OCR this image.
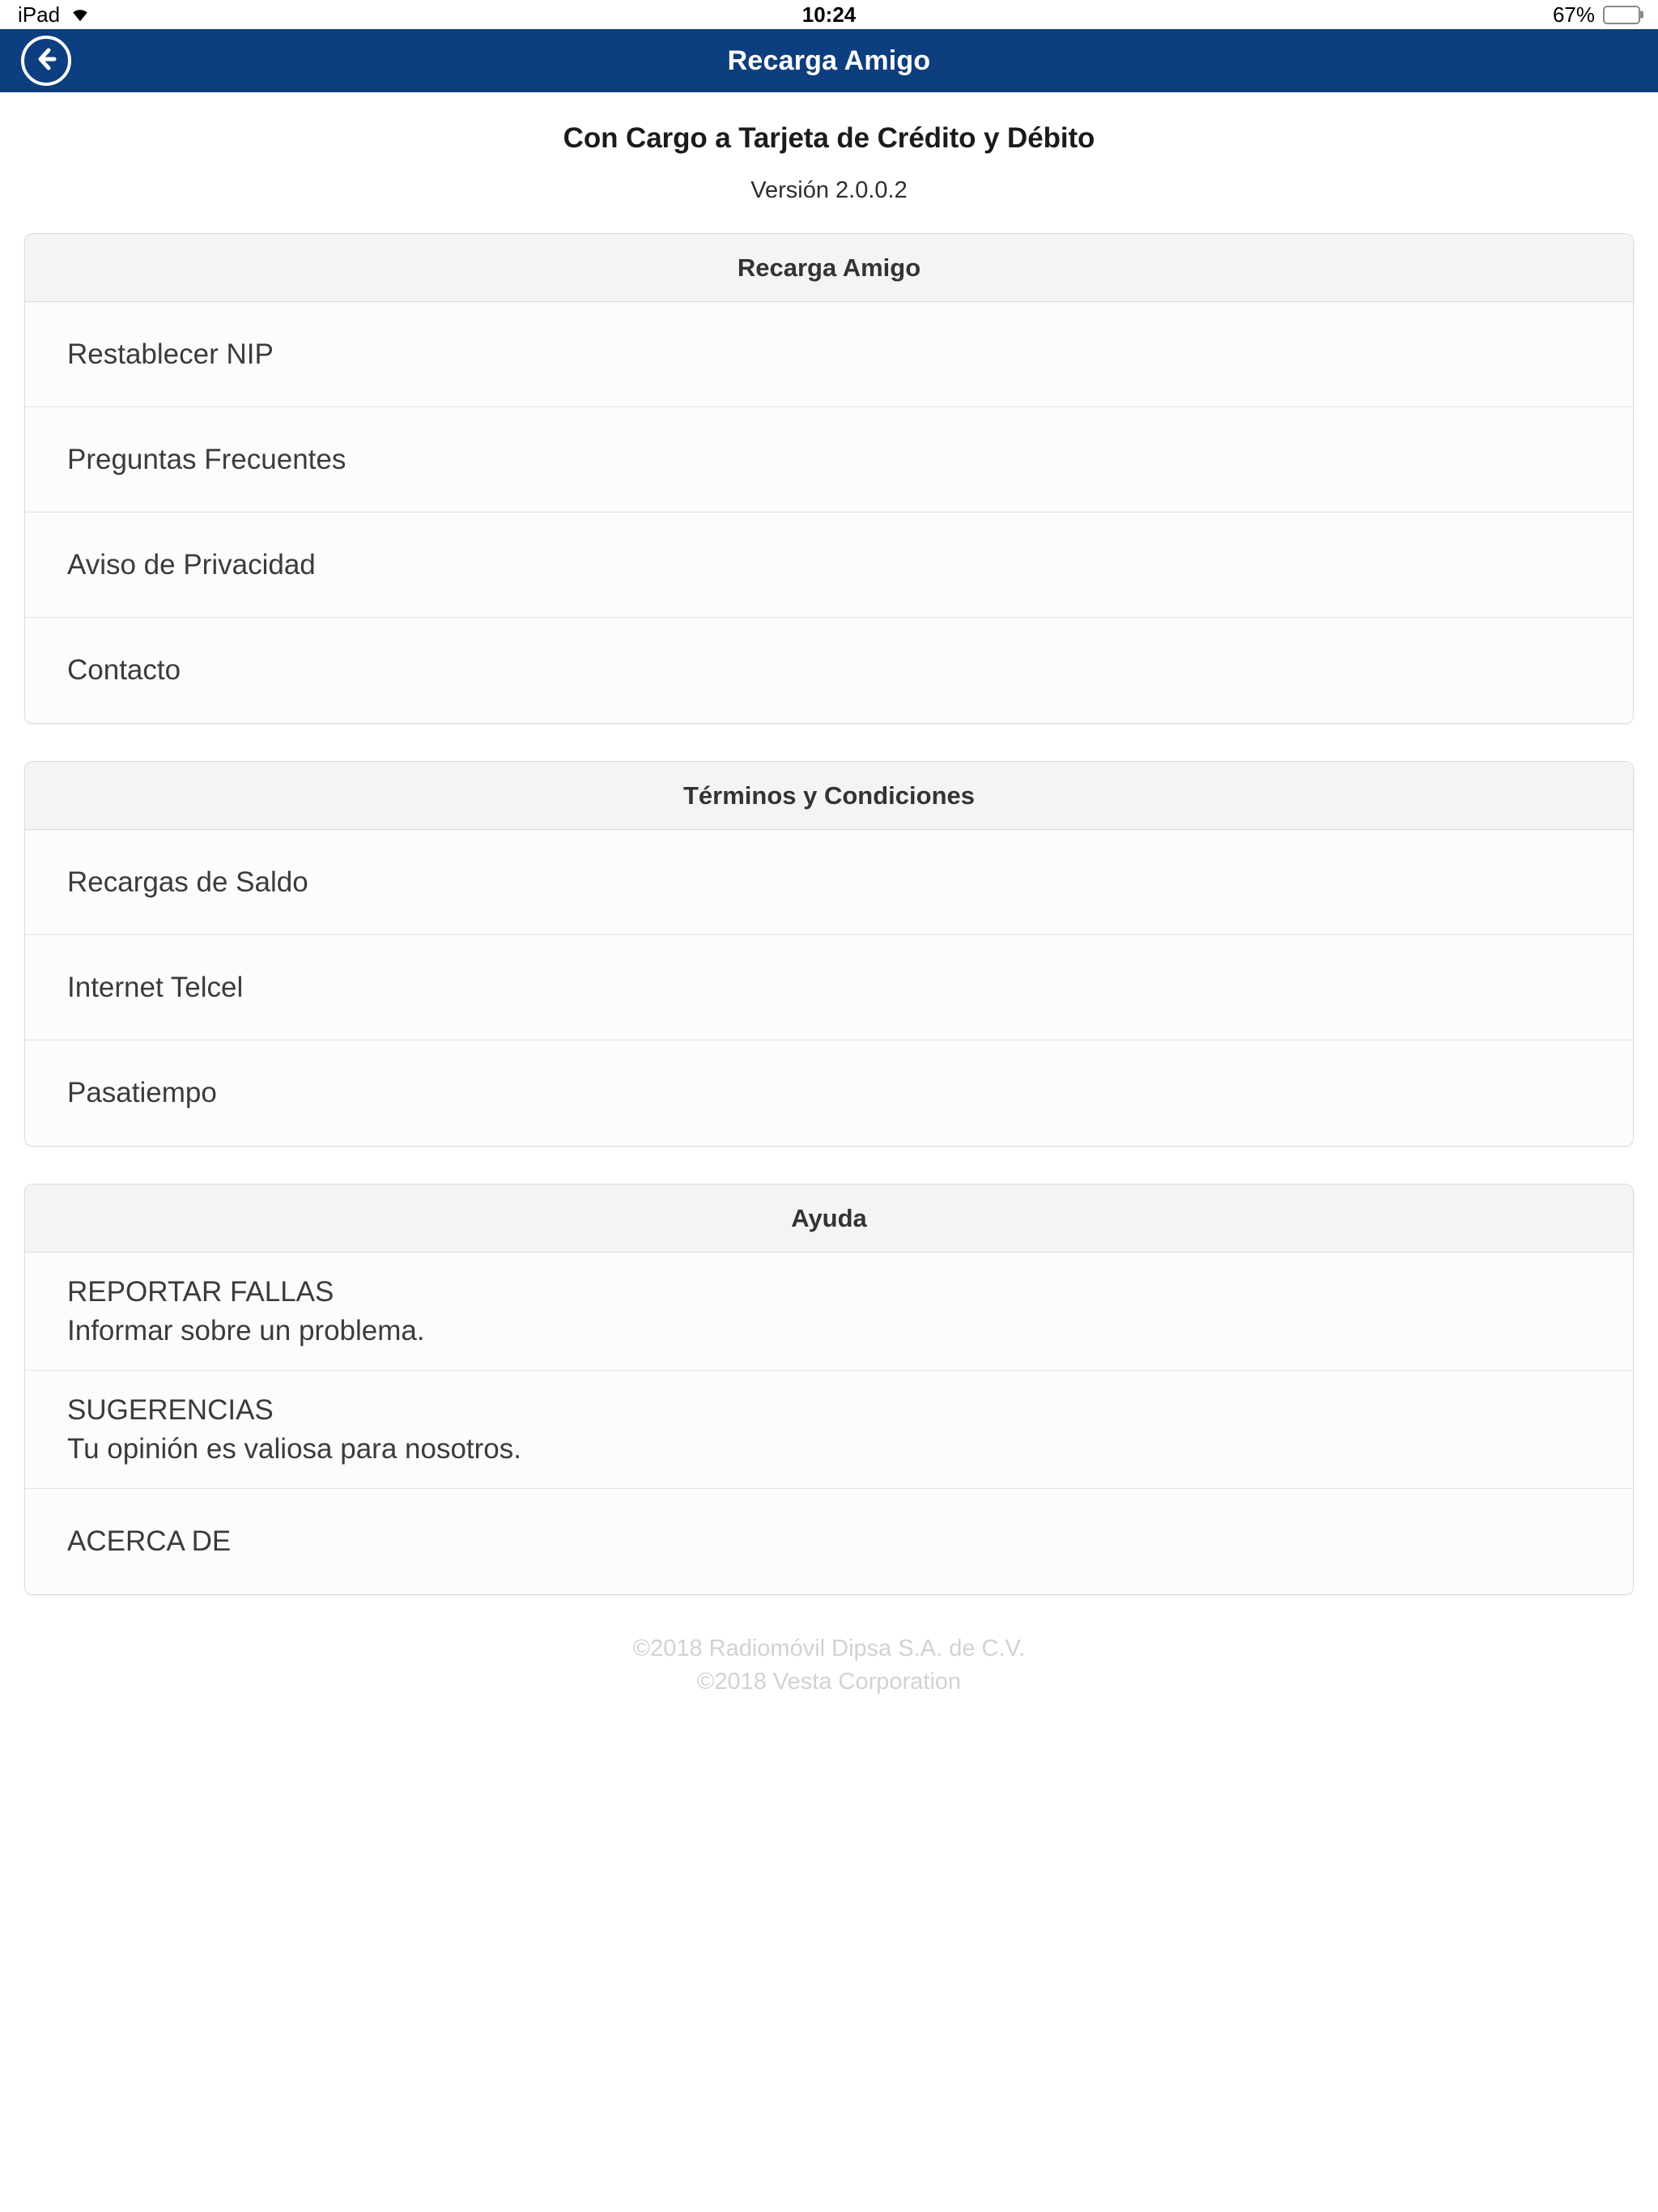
iPad	10:24	67%
Recarga Amigo
Con Cargo a Tarjeta de Crédito y Débito
Versión 2.0.0.2
Recarga Amigo
Restablecer NIP
Preguntas Frecuentes
Aviso de Privacidad
Contacto
Términos y Condiciones
Recargas de Saldo
Internet Telcel
Pasatiempo
Ayuda
REPORTAR FALLAS
Informar sobre un problema.
SUGERENCIAS
Tu opinión es valiosa para nosotros.
ACERCA DE
©2018 Radiomóvil Dipsa S.A. de C.V.
©2018 Vesta Corporation
